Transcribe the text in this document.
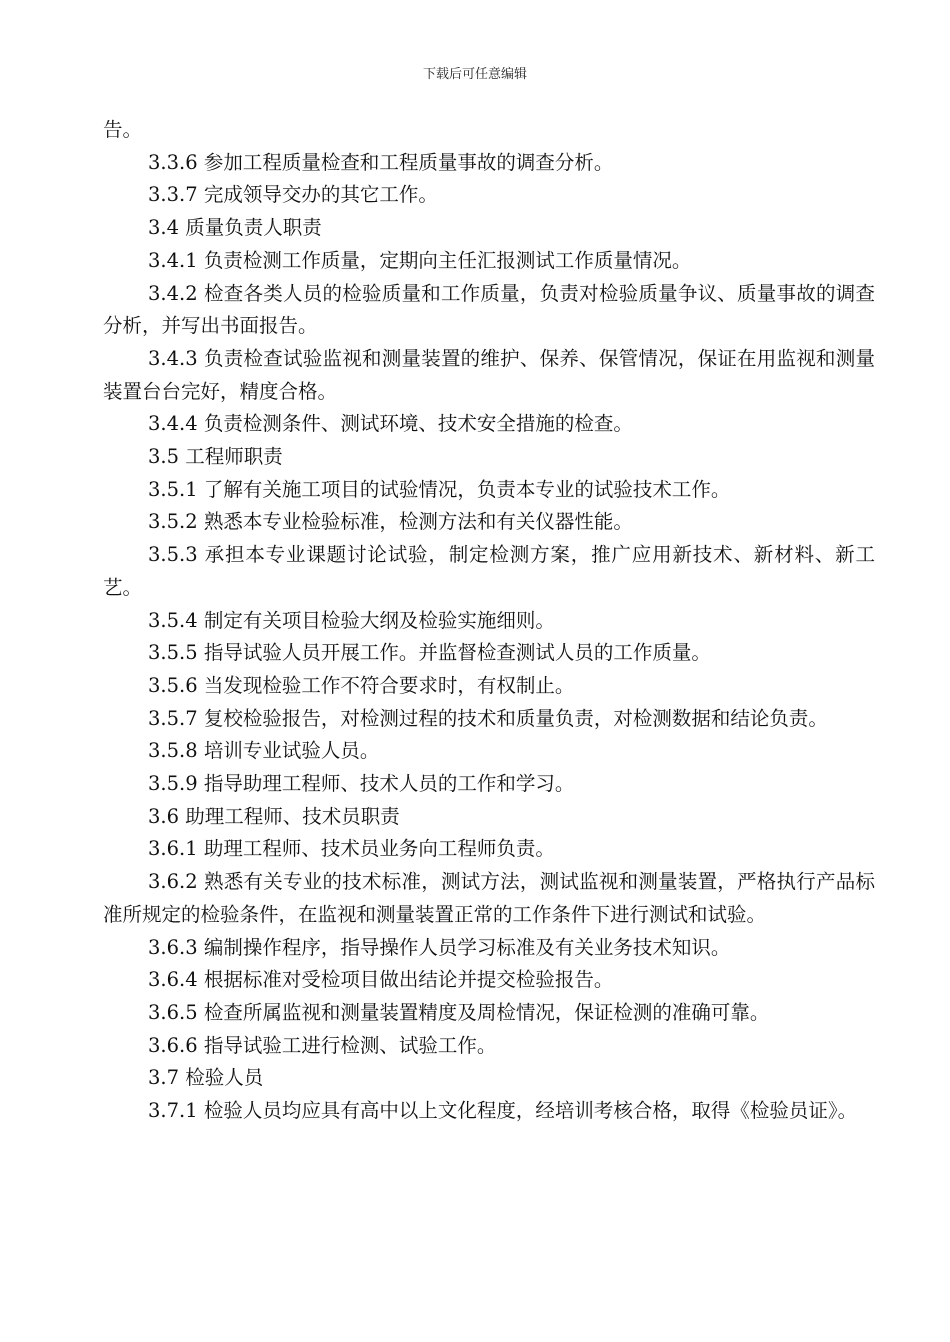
下载后可任意编辑

告。

3.3.6 参加工程质量检查和工程质量事故的调查分析。

3.3.7 完成领导交办的其它工作。

3.4 质量负责人职责

3.4.1 负责检测工作质量，定期向主任汇报测试工作质量情况。

3.4.2 检查各类人员的检验质量和工作质量，负责对检验质量争议、质量事故的调查分析，并写出书面报告。

3.4.3 负责检查试验监视和测量装置的维护、保养、保管情况，保证在用监视和测量装置台台完好，精度合格。

3.4.4 负责检测条件、测试环境、技术安全措施的检查。

3.5 工程师职责

3.5.1 了解有关施工项目的试验情况，负责本专业的试验技术工作。

3.5.2 熟悉本专业检验标准，检测方法和有关仪器性能。

3.5.3 承担本专业课题讨论试验，制定检测方案，推广应用新技术、新材料、新工艺。

3.5.4 制定有关项目检验大纲及检验实施细则。

3.5.5 指导试验人员开展工作。并监督检查测试人员的工作质量。

3.5.6 当发现检验工作不符合要求时，有权制止。

3.5.7 复校检验报告，对检测过程的技术和质量负责，对检测数据和结论负责。

3.5.8 培训专业试验人员。

3.5.9 指导助理工程师、技术人员的工作和学习。

3.6 助理工程师、技术员职责

3.6.1 助理工程师、技术员业务向工程师负责。

3.6.2 熟悉有关专业的技术标准，测试方法，测试监视和测量装置，严格执行产品标准所规定的检验条件，在监视和测量装置正常的工作条件下进行测试和试验。

3.6.3 编制操作程序，指导操作人员学习标准及有关业务技术知识。

3.6.4 根据标准对受检项目做出结论并提交检验报告。

3.6.5 检查所属监视和测量装置精度及周检情况，保证检测的准确可靠。

3.6.6 指导试验工进行检测、试验工作。

3.7 检验人员

3.7.1 检验人员均应具有高中以上文化程度，经培训考核合格，取得《检验员证》。
